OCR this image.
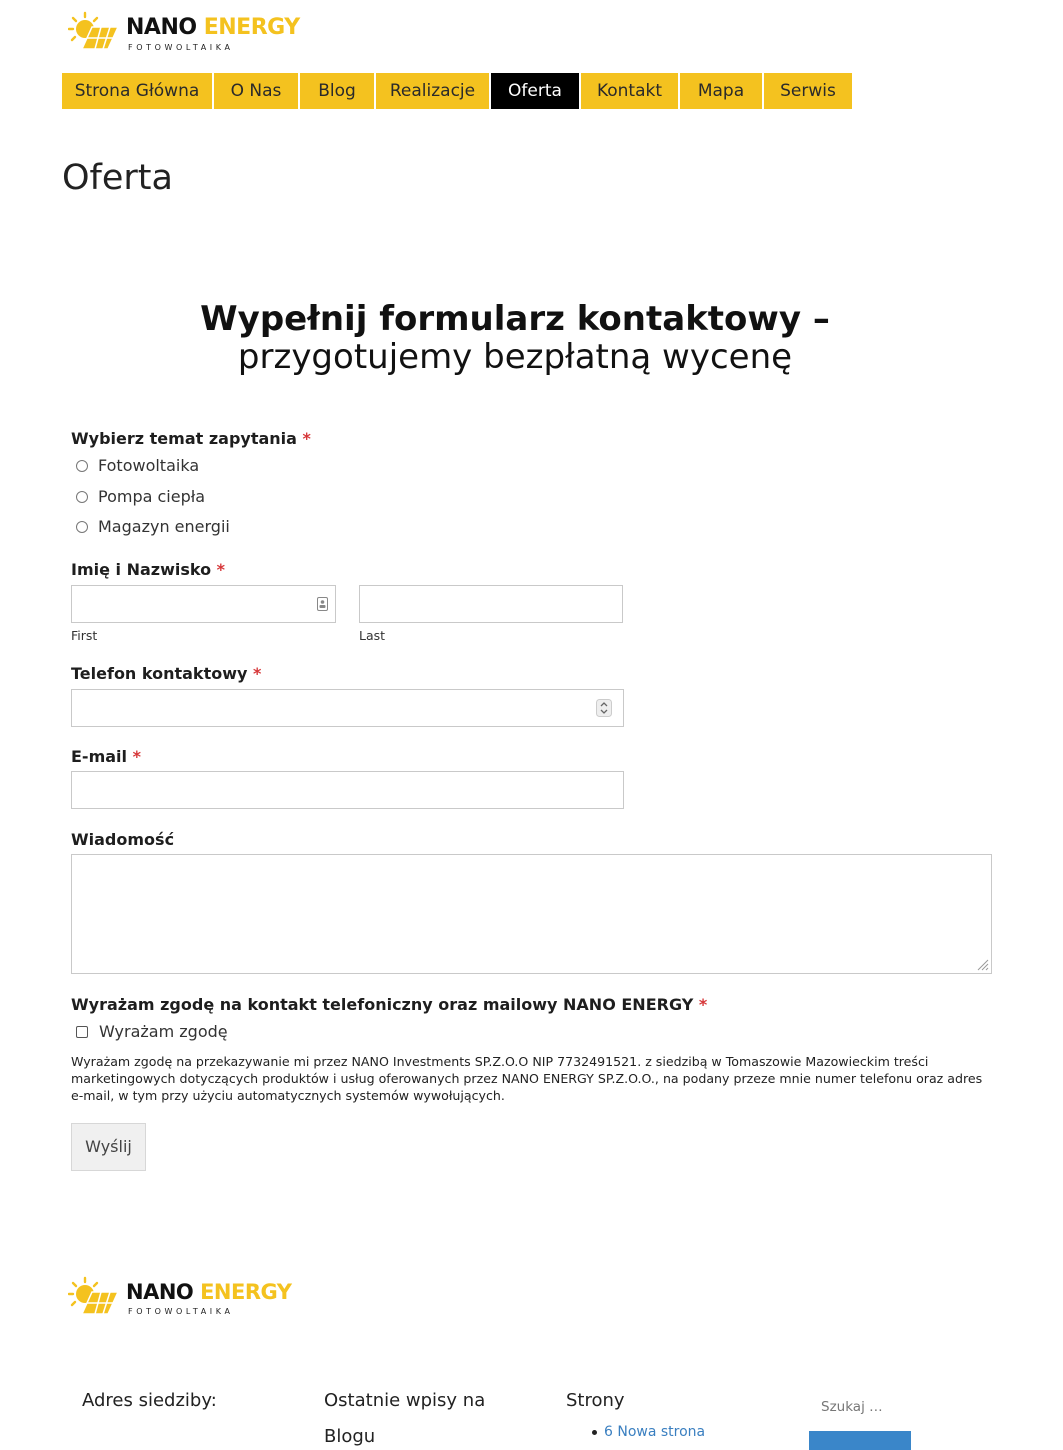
NANO ENERGY
FOTOWOLTAIKA
Strona Główna	O Nas	Blog	Realizacje	Oferta	Kontakt	Mapa	Serwis
Oferta
Wypełnij formularz kontaktowy – przygotujemy bezpłatną wycenę
Wybierz temat zapytania *
Fotowoltaika
Pompa ciepła
Magazyn energii
Imię i Nazwisko *
First	Last
Telefon kontaktowy *
E-mail *
Wiadomość
Wyrażam zgodę na kontakt telefoniczny oraz mailowy NANO ENERGY *
Wyrażam zgodę
Wyrażam zgodę na przekazywanie mi przez NANO Investments SP.Z.O.O NIP 7732491521. z siedzibą w Tomaszowie Mazowieckim treści marketingowych dotyczących produktów i usług oferowanych przez NANO ENERGY SP.Z.O.O., na podany przeze mnie numer telefonu oraz adres e-mail, w tym przy użyciu automatycznych systemów wywołujących.
Wyślij
NANO ENERGY
FOTOWOLTAIKA
Adres siedziby:	Ostatnie wpisy na
Blogu
Strony
6 Nowa strona
Szukaj …
